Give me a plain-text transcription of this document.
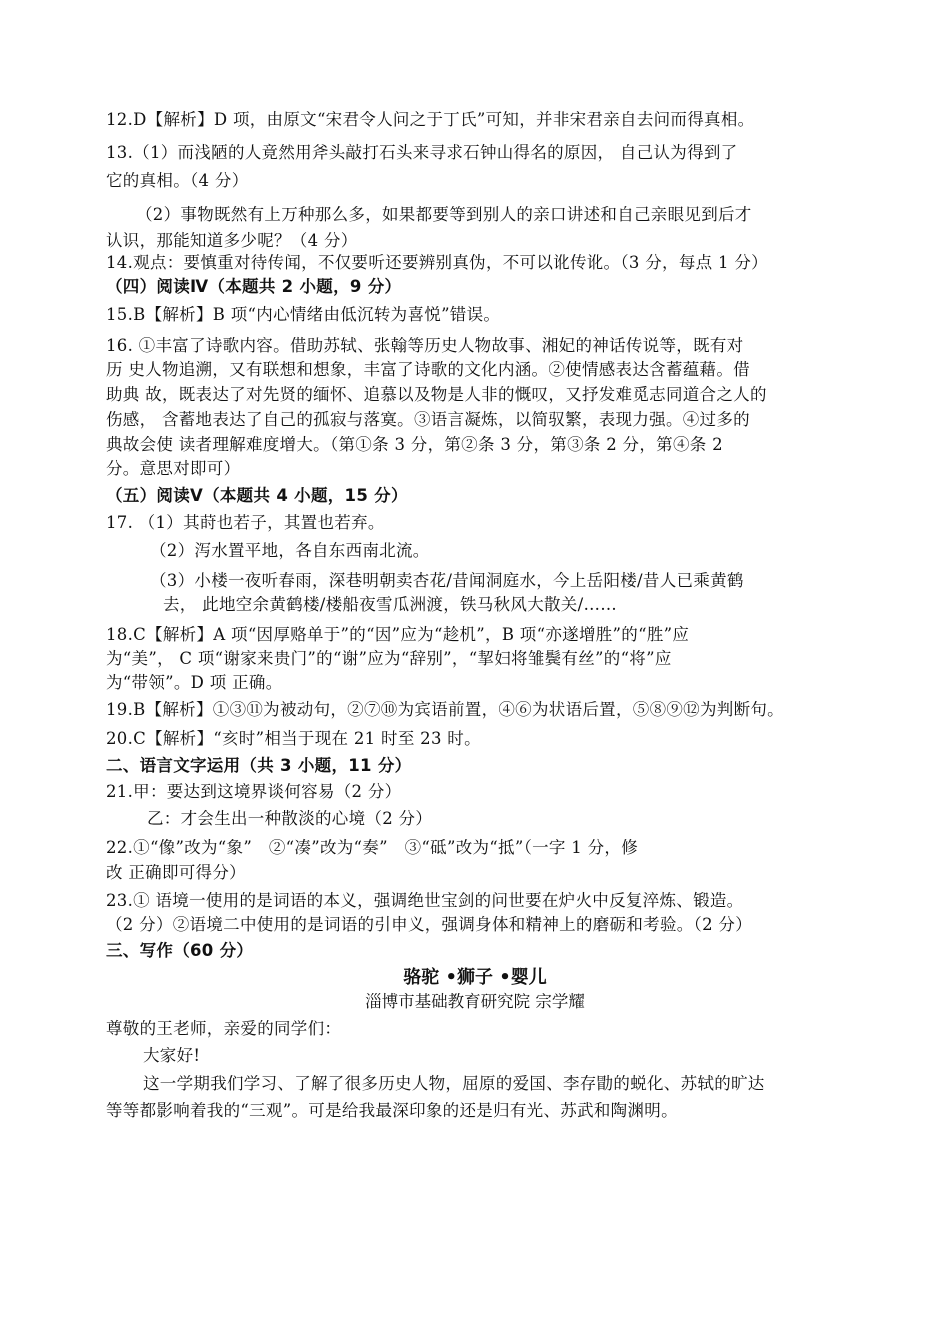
12.D【解析】D 项，由原文“宋君令人问之于丁氏”可知，并非宋君亲自去问而得真相。
13.（1）而浅陋的人竟然用斧头敲打石头来寻求石钟山得名的原因， 自己认为得到了
它的真相。（4 分）
（2）事物既然有上万种那么多，如果都要等到别人的亲口讲述和自己亲眼见到后才
认识，那能知道多少呢？（4 分）
14.观点：要慎重对待传闻，不仅要听还要辨别真伪，不可以讹传讹。（3 分，每点 1 分）
（四）阅读Ⅳ（本题共 2 小题，9 分）
15.B【解析】B 项“内心情绪由低沉转为喜悦”错误。
16. ①丰富了诗歌内容。借助苏轼、张翰等历史人物故事、湘妃的神话传说等，既有对
历 史人物追溯，又有联想和想象，丰富了诗歌的文化内涵。②使情感表达含蓄蕴藉。借
助典 故，既表达了对先贤的缅怀、追慕以及物是人非的慨叹，又抒发难觅志同道合之人的
伤感， 含蓄地表达了自己的孤寂与落寞。③语言凝炼，以简驭繁，表现力强。④过多的
典故会使 读者理解难度增大。（第①条 3 分，第②条 3 分，第③条 2 分，第④条 2
分。意思对即可）
（五）阅读Ⅴ（本题共 4 小题，15 分）
17. （1）其莳也若子，其置也若弃。
（2）泻水置平地，各自东西南北流。
（3）小楼一夜听春雨，深巷明朝卖杏花/昔闻洞庭水，今上岳阳楼/昔人已乘黄鹤
去， 此地空余黄鹤楼/楼船夜雪瓜洲渡，铁马秋风大散关/……
18.C【解析】A 项“因厚赂单于”的“因”应为“趁机”，B 项“亦遂增胜”的“胜”应
为“美”， C 项“谢家来贵门”的“谢”应为“辞别”，“挈妇将雏鬓有丝”的“将”应
为“带领”。D 项 正确。
19.B【解析】①③⑪为被动句，②⑦⑩为宾语前置，④⑥为状语后置，⑤⑧⑨⑫为判断句。
20.C【解析】“亥时”相当于现在 21 时至 23 时。
二、语言文字运用（共 3 小题，11 分）
21.甲：要达到这境界谈何容易（2 分）
乙：才会生出一种散淡的心境（2 分）
22.①“像”改为“象”　②“凑”改为“奏”　③“砥”改为“抵”（一字 1 分，修
改 正确即可得分）
23.① 语境一使用的是词语的本义，强调绝世宝剑的问世要在炉火中反复淬炼、锻造。
（2 分）②语境二中使用的是词语的引申义，强调身体和精神上的磨砺和考验。（2 分）
三、写作（60 分）
骆驼 •狮子 •婴儿
淄博市基础教育研究院 宗学耀
尊敬的王老师，亲爱的同学们：
大家好!
这一学期我们学习、了解了很多历史人物，屈原的爱国、李存勖的蜕化、苏轼的旷达
等等都影响着我的“三观”。可是给我最深印象的还是归有光、苏武和陶渊明。
